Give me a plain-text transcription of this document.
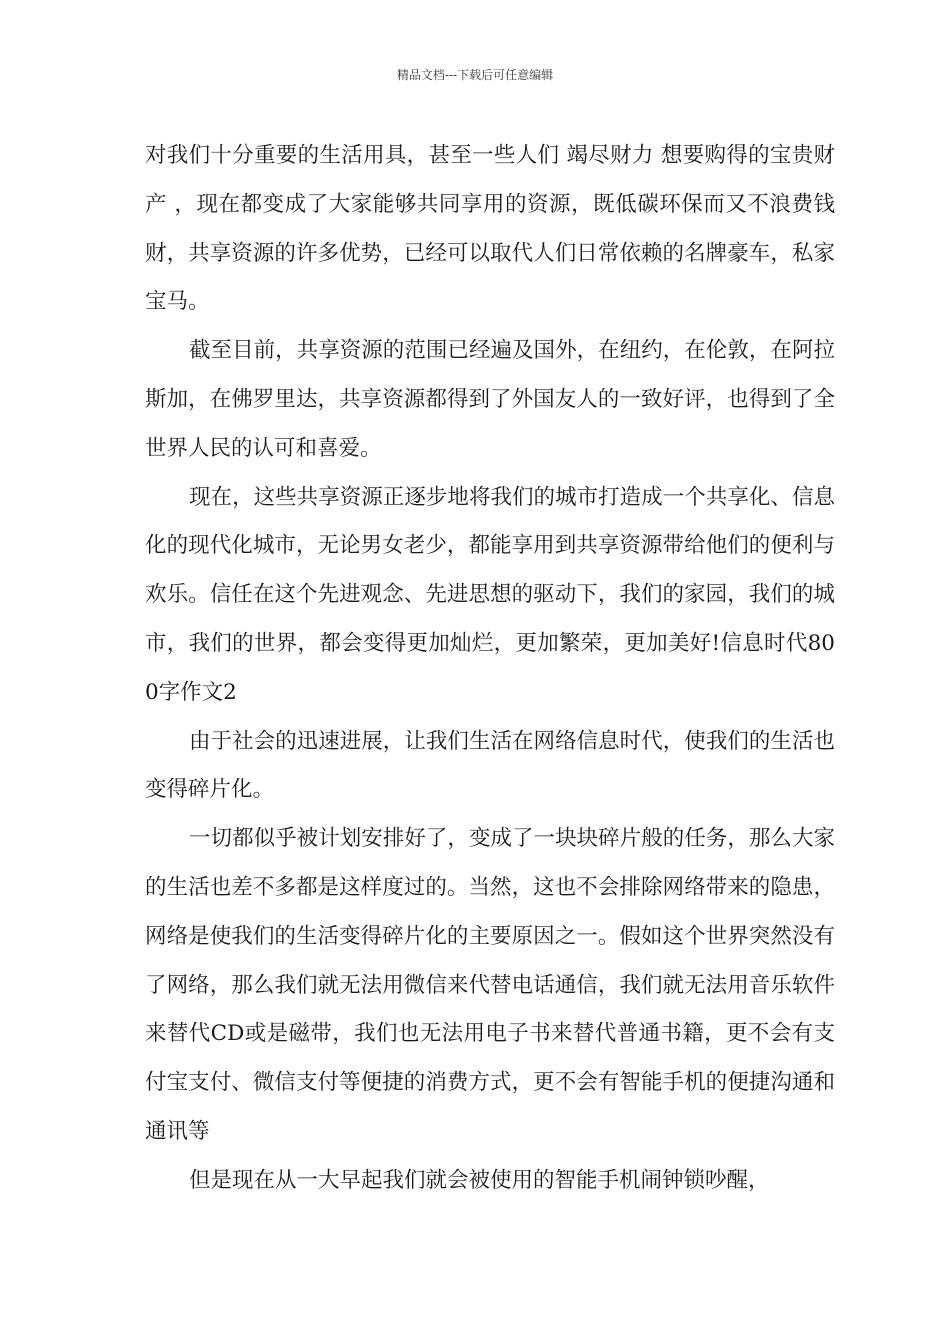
精品文档---下载后可任意编辑

对我们十分重要的生活用具，甚至一些人们 竭尽财力 想要购得的宝贵财产 ，现在都变成了大家能够共同享用的资源，既低碳环保而又不浪费钱财，共享资源的许多优势，已经可以取代人们日常依赖的名牌豪车，私家宝马。

截至目前，共享资源的范围已经遍及国外，在纽约，在伦敦，在阿拉斯加，在佛罗里达，共享资源都得到了外国友人的一致好评，也得到了全世界人民的认可和喜爱。

现在，这些共享资源正逐步地将我们的城市打造成一个共享化、信息化的现代化城市，无论男女老少，都能享用到共享资源带给他们的便利与欢乐。信任在这个先进观念、先进思想的驱动下，我们的家园，我们的城市，我们的世界，都会变得更加灿烂，更加繁荣，更加美好!信息时代800字作文2

由于社会的迅速进展，让我们生活在网络信息时代，使我们的生活也变得碎片化。

一切都似乎被计划安排好了，变成了一块块碎片般的任务，那么大家的生活也差不多都是这样度过的。当然，这也不会排除网络带来的隐患，网络是使我们的生活变得碎片化的主要原因之一。假如这个世界突然没有了网络，那么我们就无法用微信来代替电话通信，我们就无法用音乐软件来替代CD或是磁带，我们也无法用电子书来替代普通书籍，更不会有支付宝支付、微信支付等便捷的消费方式，更不会有智能手机的便捷沟通和通讯等

但是现在从一大早起我们就会被使用的智能手机闹钟锁吵醒，
